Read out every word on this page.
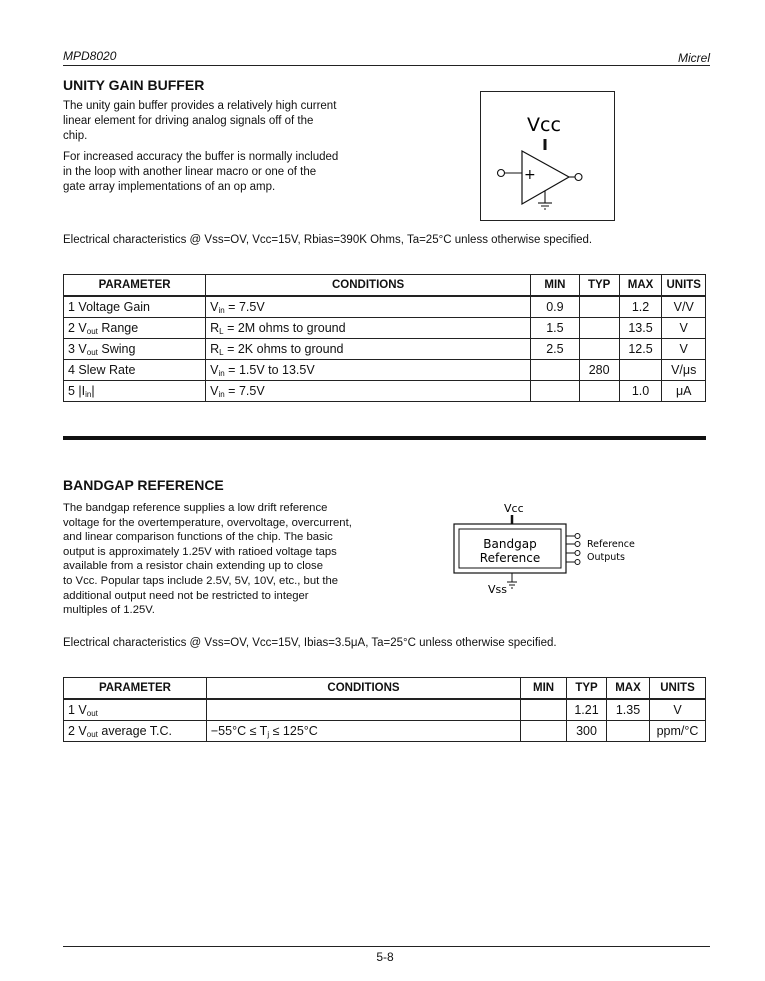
MPD8020	Micrel
UNITY GAIN BUFFER

The unity gain buffer provides a relatively high current
linear element for driving analog signals off of the
chip.

For increased accuracy the buffer is normally included
in the loop with another linear macro or one of the
gate array implementations of an op amp.

Vcc
+
Electrical characteristics @ Vss=OV, Vcc=15V, Rbias=390K Ohms, Ta=25°C unless otherwise specified.
PARAMETER	CONDITIONS	MIN	TYP	MAX	UNITS
1 Voltage Gain	$V_{in} = 7.5V$	0.9		1.2	V/V
2 $V_{out}$ Range	$R_L = 2M$ ohms to ground	1.5		13.5	V
3 $V_{out}$ Swing	$R_L = 2K$ ohms to ground	2.5		12.5	V
4 Slew Rate	$V_{in} = 1.5V$ to 13.5V		280		V/μs
5 $|I_{in}|$	$V_{in} = 7.5V$			1.0	μA
BANDGAP REFERENCE
The bandgap reference supplies a low drift reference
voltage for the overtemperature, overvoltage, overcurrent,
and linear comparison functions of the chip. The basic
output is approximately 1.25V with ratioed voltage taps
available from a resistor chain extending up to close
to Vcc. Popular taps include 2.5V, 5V, 10V, etc., but the
additional output need not be restricted to integer
multiples of 1.25V.
Vcc
Bandgap
Reference
Reference
Outputs
Vss
Electrical characteristics @ Vss=OV, Vcc=15V, Ibias=3.5μA, Ta=25°C unless otherwise specified.
PARAMETER	CONDITIONS	MIN	TYP	MAX	UNITS
1 $V_{out}$			1.21	1.35	V
2 $V_{out}$ average T.C.	$-55^\circ C \le T_j \le 125^\circ C$		300		ppm/°C
5-8
